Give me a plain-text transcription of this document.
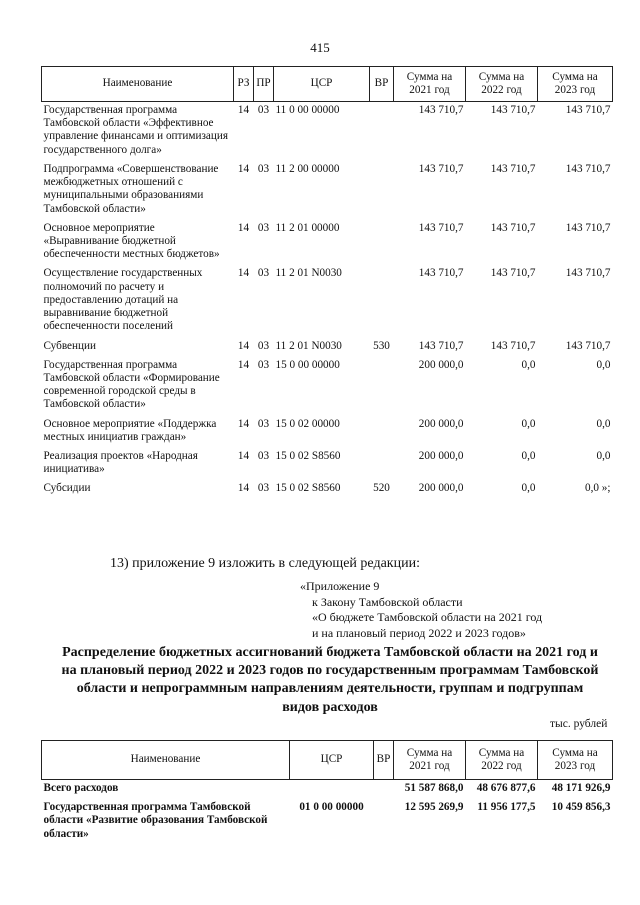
415
Наименование	РЗ	ПР	ЦСР	ВР	Сумма на 2021 год	Сумма на 2022 год	Сумма на 2023 год
Государственная программа Тамбовской области «Эффективное управление финансами и оптимизация государственного долга»	14	03	11 0 00 00000		143 710,7	143 710,7	143 710,7
Подпрограмма «Совершенствование межбюджетных отношений с муниципальными образованиями Тамбовской области»	14	03	11 2 00 00000		143 710,7	143 710,7	143 710,7
Основное мероприятие «Выравнивание бюджетной обеспеченности местных бюджетов»	14	03	11 2 01 00000		143 710,7	143 710,7	143 710,7
Осуществление государственных полномочий по расчету и предоставлению дотаций на выравнивание бюджетной обеспеченности поселений	14	03	11 2 01 N0030		143 710,7	143 710,7	143 710,7
Субвенции	14	03	11 2 01 N0030	530	143 710,7	143 710,7	143 710,7
Государственная программа Тамбовской области «Формирование современной городской среды в Тамбовской области»	14	03	15 0 00 00000		200 000,0	0,0	0,0
Основное мероприятие «Поддержка местных инициатив граждан»	14	03	15 0 02 00000		200 000,0	0,0	0,0
Реализация проектов «Народная инициатива»	14	03	15 0 02 S8560		200 000,0	0,0	0,0
Субсидии	14	03	15 0 02 S8560	520	200 000,0	0,0	0,0 »;
13) приложение 9 изложить в следующей редакции:
«Приложение 9
к Закону Тамбовской области
«О бюджете Тамбовской области на 2021 год
и на плановый период 2022 и 2023 годов»
Распределение бюджетных ассигнований бюджета Тамбовской области на 2021 год и на плановый период 2022 и 2023 годов по государственным программам Тамбовской области и непрограммным направлениям деятельности, группам и подгруппам видов расходов
тыс. рублей
Наименование	ЦСР	ВР	Сумма на 2021 год	Сумма на 2022 год	Сумма на 2023 год
Всего расходов			51 587 868,0	48 676 877,6	48 171 926,9
Государственная программа Тамбовской области «Развитие образования Тамбовской области»	01 0 00 00000		12 595 269,9	11 956 177,5	10 459 856,3
